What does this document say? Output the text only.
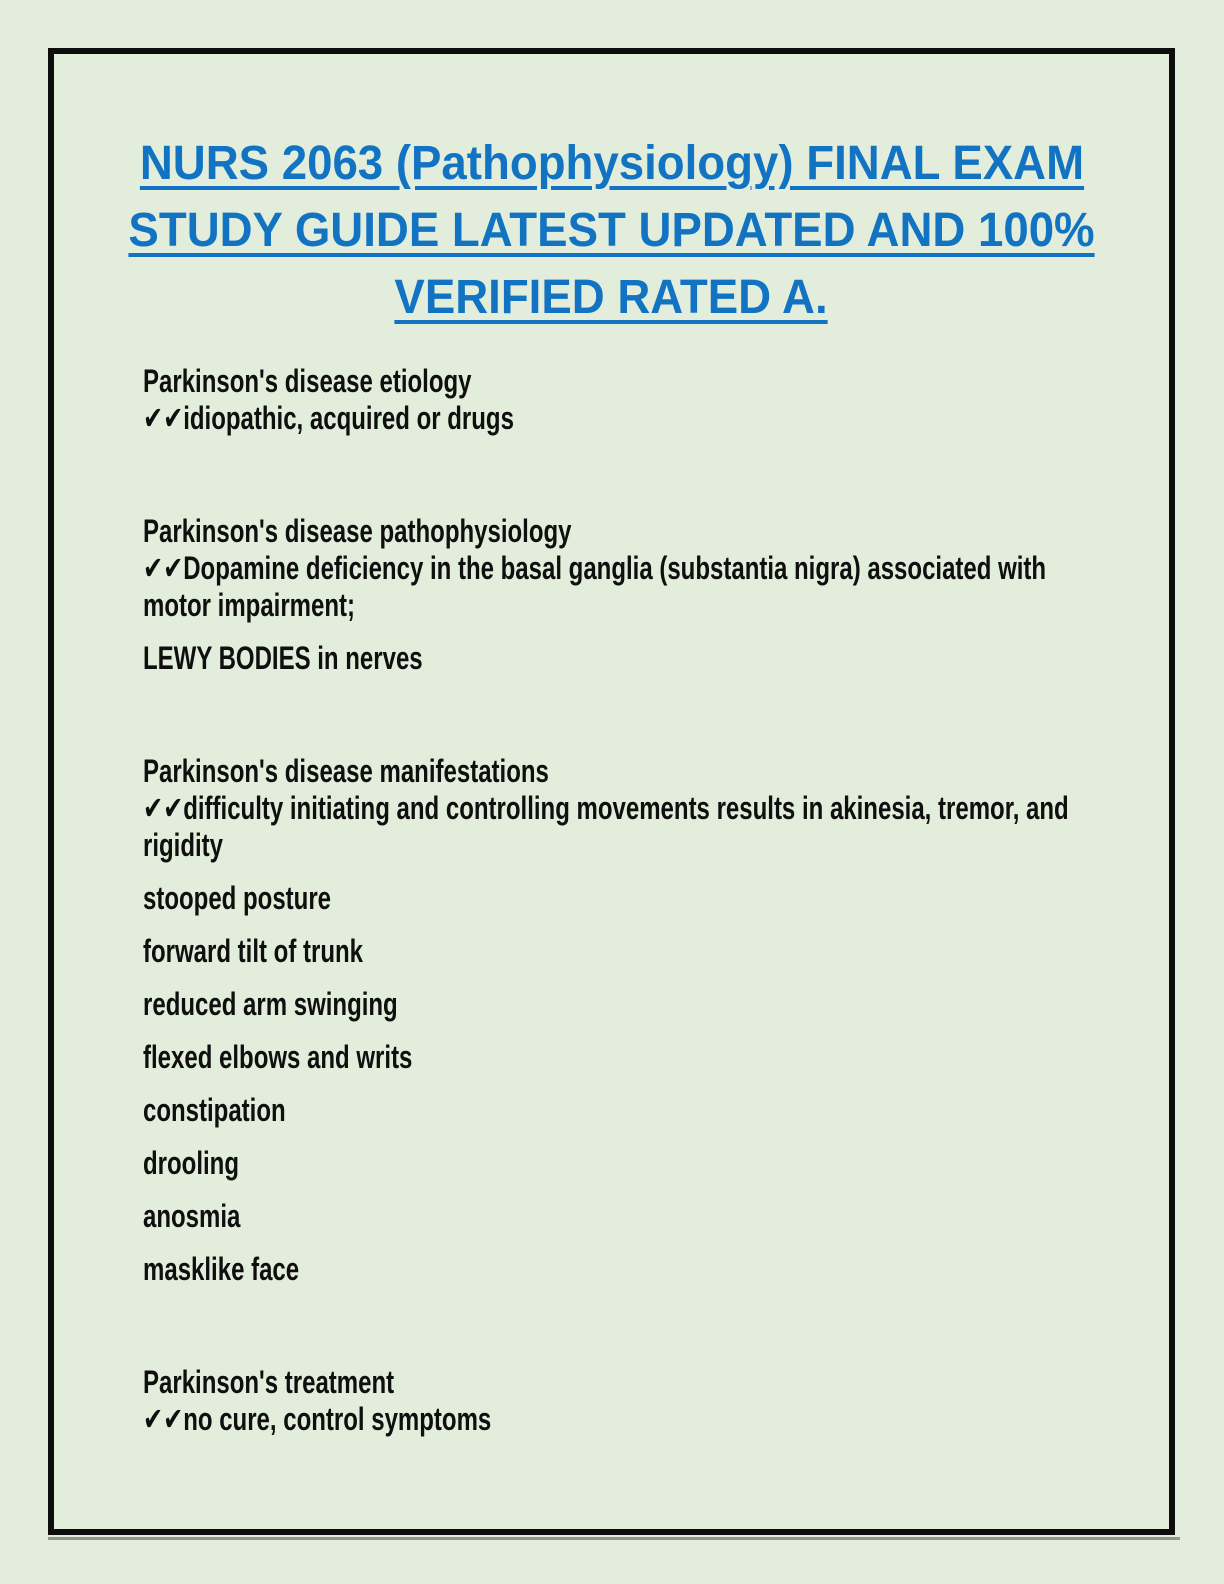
NURS 2063 (Pathophysiology) FINAL EXAM
STUDY GUIDE LATEST UPDATED AND 100%
VERIFIED RATED A.
Parkinson's disease etiology
✔✔idiopathic, acquired or drugs
Parkinson's disease pathophysiology
✔✔Dopamine deficiency in the basal ganglia (substantia nigra) associated with
motor impairment;
LEWY BODIES in nerves
Parkinson's disease manifestations
✔✔difficulty initiating and controlling movements results in akinesia, tremor, and
rigidity
stooped posture
forward tilt of trunk
reduced arm swinging
flexed elbows and writs
constipation
drooling
anosmia
masklike face
Parkinson's treatment
✔✔no cure, control symptoms
